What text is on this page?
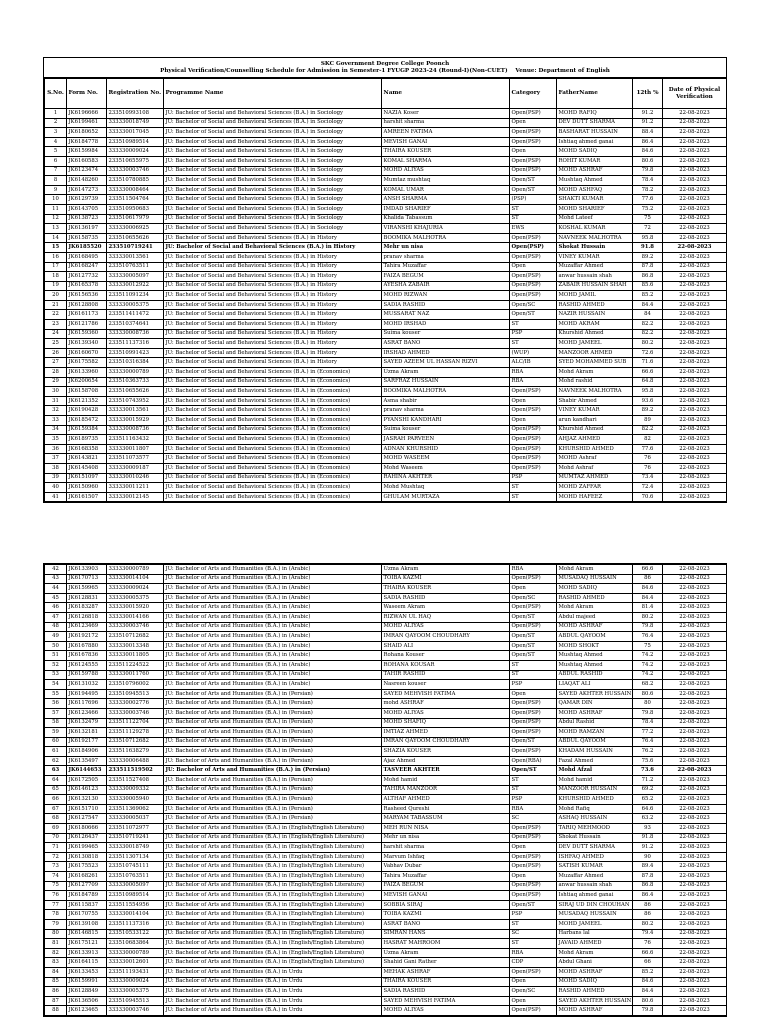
SKC Government Degree College Poonch
Physical Verification/Counselling Schedule for Admission in Semester-1 FYUGP 2023-24 (Round-I)(Non-CUET) Venue: Department of English
S.No.	Form No.	Registration No.	Programme Name	Name	Category	FatherName	12th %	Date of Physical Verification
1	JK6196666	233510993108	JU: Bachelor of Social and Behavioral Sciences (B.A.) in Sociology	NAZIA Koser	Open(PSP)	MOHD RAFIQ	91.2	22-08-2023
2	JK6199461	333330018749	JU: Bachelor of Social and Behavioral Sciences (B.A.) in Sociology	harshit sharma	Open	DEV DUTT SHARMA	91.2	22-08-2023
3	JK6180652	333330017045	JU: Bachelor of Social and Behavioral Sciences (B.A.) in Sociology	AMREEN FATIMA	Open(PSP)	BASHARAT HUSSAIN	88.4	22-08-2023
4	JK6184778	233510989514	JU: Bachelor of Social and Behavioral Sciences (B.A.) in Sociology	MEVISH GANAI	Open(PSP)	Ishtiaq ahmed ganai	86.4	22-08-2023
5	JK6159984	333330009024	JU: Bachelor of Social and Behavioral Sciences (B.A.) in Sociology	THAIRA KOUSER	Open	MOHD SADIQ	84.6	22-08-2023
6	JK6160583	233510655975	JU: Bachelor of Social and Behavioral Sciences (B.A.) in Sociology	KOMAL SHARMA	Open(PSP)	ROHIT KUMAR	80.6	22-08-2023
7	JK6123474	333330003746	JU: Bachelor of Social and Behavioral Sciences (B.A.) in Sociology	MOHD ALIYAS	Open(PSP)	MOHD ASHRAF	79.8	22-08-2023
8	JK6148260	233510780885	JU: Bachelor of Social and Behavioral Sciences (B.A.) in Sociology	Mumtaz mushtaq	Open/ST	Mushtaq Ahmed	78.4	22-08-2023
9	JK6147273	333330008464	JU: Bachelor of Social and Behavioral Sciences (B.A.) in Sociology	KOMAL UMAR	Open/ST	MOHD ASHFAQ	78.2	22-08-2023
10	JK6129739	233511504764	JU: Bachelor of Social and Behavioral Sciences (B.A.) in Sociology	ANSH SHARMA	(PSP)	SHAKTI KUMAR	77.6	22-08-2023
11	JK6143705	233510950683	JU: Bachelor of Social and Behavioral Sciences (B.A.) in Sociology	IMDAD SHARIEF	ST	MOHD SHARIEF	75.2	22-08-2023
12	JK6138723	233510617979	JU: Bachelor of Social and Behavioral Sciences (B.A.) in Sociology	Khalida Tabassum	ST	Mohd Lateef	75	22-08-2023
13	JK6136197	333330006925	JU: Bachelor of Social and Behavioral Sciences (B.A.) in Sociology	VIRANSHI KHAJURIA	EWS	KOSHAL KUMAR	72	22-08-2023
14	JK6158735	233510655626	JU: Bachelor of Social and Behavioral Sciences (B.A.) in History	BOOMIKA MALHOTRA	Open(PSP)	NAVNEEK MALHOTRA	95.8	22-08-2023
15	JK6185520	233510719241	JU: Bachelor of Social and Behavioral Sciences (B.A.) in History	Mehr un nisa	Open(PSP)	Shokat Hussain	91.8	22-08-2023
16	JK6168495	333330013561	JU: Bachelor of Social and Behavioral Sciences (B.A.) in History	pranav sharma	Open(PSP)	VINEY KUMAR	89.2	22-08-2023
17	JK6168247	233510763511	JU: Bachelor of Social and Behavioral Sciences (B.A.) in History	Tahira Muzaffar	Open	Muzaffar Ahmed	87.8	22-08-2023
18	JK6127732	333330005097	JU: Bachelor of Social and Behavioral Sciences (B.A.) in History	FAIZA BEGUM	Open(PSP)	anwar hussain shah	86.8	22-08-2023
19	JK6165378	333330012922	JU: Bachelor of Social and Behavioral Sciences (B.A.) in History	AYESHA ZABAIR	Open(PSP)	ZABAIR HUSSAIN SHAH	85.6	22-08-2023
20	JK6156536	233511091234	JU: Bachelor of Social and Behavioral Sciences (B.A.) in History	MOHD RIZWAN	Open(PSP)	MOHD JAMIL	85.2	22-08-2023
21	JK6128808	333330005375	JU: Bachelor of Social and Behavioral Sciences (B.A.) in History	SADIA RASHID	Open/SC	RASHID AHMED	84.4	22-08-2023
22	JK6161173	233511411472	JU: Bachelor of Social and Behavioral Sciences (B.A.) in History	MUSSARAT NAZ	Open/ST	NAZIR HUSSAIN	84	22-08-2023
23	JK6121786	233510374641	JU: Bachelor of Social and Behavioral Sciences (B.A.) in History	MOHD IRSHAD	ST	MOHD AKRAM	82.2	22-08-2023
24	JK6159360	333330008736	JU: Bachelor of Social and Behavioral Sciences (B.A.) in History	Suima kouser	PSP	Khurshid Ahmed	82.2	22-08-2023
25	JK6139340	233511137316	JU: Bachelor of Social and Behavioral Sciences (B.A.) in History	ASRAT BANO	ST	MOHD JAMEEL	80.2	22-08-2023
26	JK6160670	233510991423	JU: Bachelor of Social and Behavioral Sciences (B.A.) in History	IRSHAD AHMED	(WUP)	MANZOOR AHMED	72.6	22-08-2023
27	JK6175582	233510316384	JU: Bachelor of Social and Behavioral Sciences (B.A.) in History	SAYED AZEEM UL HASSAN RIZVI	ALC/IB	SYED MOHAMMED SUB	71.6	22-08-2023
28	JK6133960	333330000789	JU: Bachelor of Social and Behavioral Sciences (B.A.) in (Economics)	Uzma Akram	RBA	Mohd Akram	66.6	22-08-2023
29	JK6200654	233510363733	JU: Bachelor of Social and Behavioral Sciences (B.A.) in (Economics)	SARFRAZ HUSSAIN	RBA	Mohd rashid	64.8	22-08-2023
30	JK6158708	233510655626	JU: Bachelor of Social and Behavioral Sciences (B.A.) in (Economics)	BOOMIKA MALHOTRA	Open(PSP)	NAVNEEK MALHOTRA	95.8	22-08-2023
31	JK6121352	233510743952	JU: Bachelor of Social and Behavioral Sciences (B.A.) in (Economics)	Asma shabir	Open	Shabir Ahmed	93.6	22-08-2023
32	JK6190428	333330013561	JU: Bachelor of Social and Behavioral Sciences (B.A.) in (Economics)	pranav sharma	Open(PSP)	VINEY KUMAR	89.2	22-08-2023
33	JK6185472	333330015929	JU: Bachelor of Social and Behavioral Sciences (B.A.) in (Economics)	PYANSHI KANDHARI	Open	arun kandhari	89	22-08-2023
34	JK6159384	333330008736	JU: Bachelor of Social and Behavioral Sciences (B.A.) in (Economics)	Suima kouser	Open(PSP)	Khurshid Ahmed	82.2	22-08-2023
35	JK6189735	233511163432	JU: Bachelor of Social and Behavioral Sciences (B.A.) in (Economics)	JASRAH PARVEEN	Open(PSP)	AHJAZ AHMED	82	22-08-2023
36	JK6168358	333330011807	JU: Bachelor of Social and Behavioral Sciences (B.A.) in (Economics)	ADNAN KHURSHID	Open(PSP)	KHURSHID AHMED	77.6	22-08-2023
37	JK6143821	233511073577	JU: Bachelor of Social and Behavioral Sciences (B.A.) in (Economics)	MOHD WASEEM	Open(PSP)	MOHD Ashraf	76	22-08-2023
38	JK6145408	333330009187	JU: Bachelor of Social and Behavioral Sciences (B.A.) in (Economics)	Mohd Waseem	Open(PSP)	Mohd Ashraf	76	22-08-2023
39	JK6151097	333330010246	JU: Bachelor of Social and Behavioral Sciences (B.A.) in (Economics)	RAHINA AKHTER	PSP	MUMTAZ AHMED	73.4	22-08-2023
40	JK6150960	333330011211	JU: Bachelor of Social and Behavioral Sciences (B.A.) in (Economics)	Mohd Mushtaq	ST	MOHD ZAFFAR	72.4	22-08-2023
41	JK6161507	333330012145	JU: Bachelor of Social and Behavioral Sciences (B.A.) in (Economics)	GHULAM MURTAZA	ST	MOHD HAFEEZ	70.6	22-08-2023
42	JK6133903	333330000789	JU: Bachelor of Arts and Humanities (B.A.) in (Arabic)	Uzma Akram	RBA	Mohd Akram	66.6	22-08-2023
43	JK6170713	333330014104	JU: Bachelor of Arts and Humanities (B.A.) in (Arabic)	TOIBA KAZMI	Open(PSP)	MUSADAQ HUSSAIN	86	22-08-2023
44	JK6159965	333330009024	JU: Bachelor of Arts and Humanities (B.A.) in (Arabic)	THAIRA KOUSER	Open	MOHD SADIQ	84.6	22-08-2023
45	JK6128831	333330005375	JU: Bachelor of Arts and Humanities (B.A.) in (Arabic)	SADIA RASHID	Open/SC	RASHID AHMED	84.4	22-08-2023
46	JK6183287	333330015920	JU: Bachelor of Arts and Humanities (B.A.) in (Arabic)	Waseem Akram	Open(PSP)	Mohd Akram	81.4	22-08-2023
47	JK6126818	333330014166	JU: Bachelor of Arts and Humanities (B.A.) in (Arabic)	RIZWAN UL HAQ	Open/ST	Abdul majeed	80.2	22-08-2023
48	JK6123469	333330003746	JU: Bachelor of Arts and Humanities (B.A.) in (Arabic)	MOHD ALIYAS	Open(PSP)	MOHD ASHRAF	79.8	22-08-2023
49	JK6192172	233510712682	JU: Bachelor of Arts and Humanities (B.A.) in (Arabic)	IMRAN QAYOOM CHOUDHARY	Open/ST	ABDUL QAYOOM	76.4	22-08-2023
50	JK6167880	333330013348	JU: Bachelor of Arts and Humanities (B.A.) in (Arabic)	SHAID ALI	Open/ST	MOHD SHOKT	75	22-08-2023
51	JK6167836	333330011805	JU: Bachelor of Arts and Humanities (B.A.) in (Arabic)	Rohana Kouser	Open/ST	Mushtaq Ahmed	74.2	22-08-2023
52	JK6124555	233511224522	JU: Bachelor of Arts and Humanities (B.A.) in (Arabic)	ROHANA KOUSAR	ST	Mushtaq Ahmed	74.2	22-08-2023
53	JK6159788	333330011760	JU: Bachelor of Arts and Humanities (B.A.) in (Arabic)	TAHIR RASHID	ST	ABDUL RASHID	74.2	22-08-2023
54	JK6131032	233510796002	JU: Bachelor of Arts and Humanities (B.A.) in (Arabic)	Nasreen kouser	PSP	LIAQAT ALI	68.2	22-08-2023
55	JK6194495	233510945513	JU: Bachelor of Arts and Humanities (B.A.) in (Persian)	SAYED MEHVISH FATIMA	Open	SAYED AKHTER HUSSAIN	80.6	22-08-2023
56	JK6117696	333330002776	JU: Bachelor of Arts and Humanities (B.A.) in (Persian)	mohd ASHRAF	Open(PSP)	QAMAR DIN	80	22-08-2023
57	JK6123466	333330003746	JU: Bachelor of Arts and Humanities (B.A.) in (Persian)	MOHD ALIYAS	Open(PSP)	MOHD ASHRAF	79.8	22-08-2023
58	JK6132479	233511122704	JU: Bachelor of Arts and Humanities (B.A.) in (Persian)	MOHD SHAFIQ	Open(PSP)	Abdul Rashid	78.4	22-08-2023
59	JK6132181	233511129278	JU: Bachelor of Arts and Humanities (B.A.) in (Persian)	IMTIAZ AHMED	Open(PSP)	MOHD RAMZAN	77.2	22-08-2023
60	JK6192177	233510712682	JU: Bachelor of Arts and Humanities (B.A.) in (Persian)	IMRAN QAYOOM CHOUDHARY	Open/ST	ABDUL QAYOOM	76.4	22-08-2023
61	JK6184906	233511638279	JU: Bachelor of Arts and Humanities (B.A.) in (Persian)	SHAZIA KOUSER	Open(PSP)	KHADAM HUSSAIN	76.2	22-08-2023
62	JK6135497	333330006488	JU: Bachelor of Arts and Humanities (B.A.) in (Persian)	Ajaz Ahmed	Open(RBA)	Fazal Ahmed	75.6	22-08-2023
63	JK6144653	233511519502	JU: Bachelor of Arts and Humanities (B.A.) in (Persian)	TASVEER AKHTER	Open/ST	Mohd Afzal	73.6	22-08-2023
64	JK6172505	233511527408	JU: Bachelor of Arts and Humanities (B.A.) in (Persian)	Mohd hamid	ST	Mohd hamid	71.2	22-08-2023
65	JK6146123	333330009332	JU: Bachelor of Arts and Humanities (B.A.) in (Persian)	TAHIRA MANZOOR	ST	MANZOOR HUSSAIN	69.2	22-08-2023
66	JK6132130	333330005940	JU: Bachelor of Arts and Humanities (B.A.) in (Persian)	ALTHAF AHMED	PSP	KHURSHID AHMED	65.2	22-08-2023
67	JK6151710	233511369062	JU: Bachelor of Arts and Humanities (B.A.) in (Persian)	Rasheed Qureshi	RBA	Mohd Rafiq	64.6	22-08-2023
68	JK6127547	333330005037	JU: Bachelor of Arts and Humanities (B.A.) in (Persian)	MARYAM TABASSUM	SC	ASHAQ HUSSAIN	63.2	22-08-2023
69	JK6180666	233511072977	JU: Bachelor of Arts and Humanities (B.A.) in (English/English Literature)	MEH RUN NISA	Open(PSP)	TARIQ MEHMOOD	93	22-08-2023
70	JK6126437	233510719241	JU: Bachelor of Arts and Humanities (B.A.) in (English/English Literature)	Mehr un nisa	Open(PSP)	Shokat Hussain	91.8	22-08-2023
71	JK6199465	333330018749	JU: Bachelor of Arts and Humanities (B.A.) in (English/English Literature)	harshit sharma	Open	DEV DUTT SHARMA	91.2	22-08-2023
72	JK6130818	233511307134	JU: Bachelor of Arts and Humanities (B.A.) in (English/English Literature)	Marvum Ishfaq	Open(PSP)	ISHFAQ AHMED	90	22-08-2023
73	JK6175523	233510745111	JU: Bachelor of Arts and Humanities (B.A.) in (English/English Literature)	Vabhav Dubar	Open(PSP)	SATISH KUMAR	89.4	22-08-2023
74	JK6168261	233510763511	JU: Bachelor of Arts and Humanities (B.A.) in (English/English Literature)	Tahira Muzaffar	Open	Muzaffar Ahmed	87.8	22-08-2023
75	JK6127709	333330005097	JU: Bachelor of Arts and Humanities (B.A.) in (English/English Literature)	FAIZA BEGUM	Open(PSP)	anwar hussain shah	86.8	22-08-2023
76	JK6184789	233510989514	JU: Bachelor of Arts and Humanities (B.A.) in (English/English Literature)	MEVISH GANAI	Open(PSP)	Ishtiaq ahmed ganai	86.4	22-08-2023
77	JK6115837	233511554956	JU: Bachelor of Arts and Humanities (B.A.) in (English/English Literature)	SOBBIA SIRAJ	Open/ST	SIRAJ UD DIN CHOUHAN	86	22-08-2023
78	JK6170755	333330014104	JU: Bachelor of Arts and Humanities (B.A.) in (English/English Literature)	TOIBA KAZMI	PSP	MUSADAQ HUSSAIN	86	22-08-2023
79	JK6139108	233511137316	JU: Bachelor of Arts and Humanities (B.A.) in (English/English Literature)	ASRAT BANO	ST	MOHD JAMEEL	80.2	22-08-2023
80	JK6146815	233510533122	JU: Bachelor of Arts and Humanities (B.A.) in (English/English Literature)	SIMRAN HANS	SC	Harbans lal	79.4	22-08-2023
81	JK6175121	233510683864	JU: Bachelor of Arts and Humanities (B.A.) in (English/English Literature)	HASRAT MAHROOM	ST	JAVAID AHMED	76	22-08-2023
82	JK6133913	333330000789	JU: Bachelor of Arts and Humanities (B.A.) in (English/English Literature)	Uzma Akram	RBA	Mohd Akram	66.6	22-08-2023
83	JK6164115	333330012601	JU: Bachelor of Arts and Humanities (B.A.) in (English/English Literature)	Shahid Gani Rather	CDP	Abdul Ghani	66	22-08-2023
84	JK6133453	233511193431	JU: Bachelor of Arts and Humanities (B.A.) in Urdu	MEHAK ASHRAF	Open(PSP)	MOHD ASHRAF	85.2	22-08-2023
85	JK6159991	333330009024	JU: Bachelor of Arts and Humanities (B.A.) in Urdu	THAIRA KOUSER	Open	MOHD SADIQ	84.6	22-08-2023
86	JK6128849	333330005375	JU: Bachelor of Arts and Humanities (B.A.) in Urdu	SADIA RASHID	Open/SC	RASHID AHMED	84.4	22-08-2023
87	JK6136506	233510945513	JU: Bachelor of Arts and Humanities (B.A.) in Urdu	SAYED MEHVISH FATIMA	Open	SAYED AKHTER HUSSAIN	80.6	22-08-2023
88	JK6123465	333330003746	JU: Bachelor of Arts and Humanities (B.A.) in Urdu	MOHD ALIYAS	Open(PSP)	MOHD ASHRAF	79.8	22-08-2023
